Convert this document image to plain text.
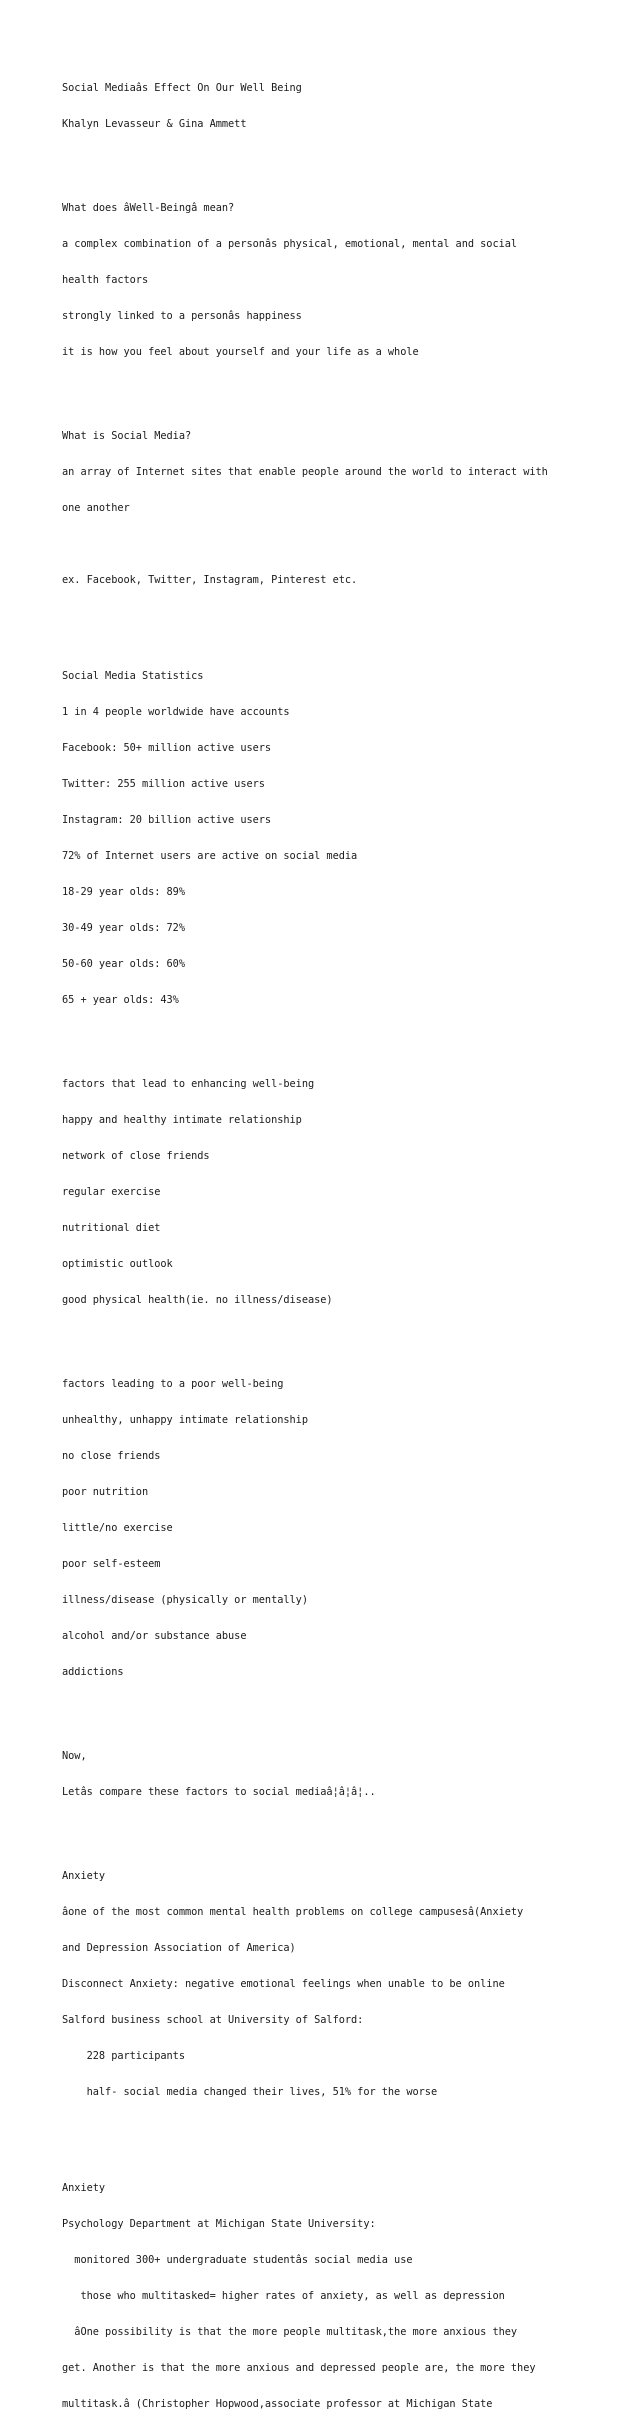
Social Mediaâs Effect On Our Well Being

Khalyn Levasseur & Gina Ammett

What does âWell-Beingâ mean?

a complex combination of a personâs physical, emotional, mental and social

health factors

strongly linked to a personâs happiness

it is how you feel about yourself and your life as a whole

What is Social Media?

an array of Internet sites that enable people around the world to interact with

one another

ex. Facebook, Twitter, Instagram, Pinterest etc.

Social Media Statistics

1 in 4 people worldwide have accounts

Facebook: 50+ million active users

Twitter: 255 million active users

Instagram: 20 billion active users

72% of Internet users are active on social media

18-29 year olds: 89%

30-49 year olds: 72%

50-60 year olds: 60%

65 + year olds: 43%

factors that lead to enhancing well-being

happy and healthy intimate relationship

network of close friends

regular exercise

nutritional diet

optimistic outlook

good physical health(ie. no illness/disease)

factors leading to a poor well-being

unhealthy, unhappy intimate relationship

no close friends

poor nutrition

little/no exercise

poor self-esteem

illness/disease (physically or mentally)

alcohol and/or substance abuse

addictions

Now,

Letâs compare these factors to social mediaâ¦â¦â¦..

Anxiety

âone of the most common mental health problems on college campusesâ(Anxiety

and Depression Association of America)

Disconnect Anxiety: negative emotional feelings when unable to be online

Salford business school at University of Salford:

228 participants

half- social media changed their lives, 51% for the worse

Anxiety

Psychology Department at Michigan State University:

monitored 300+ undergraduate studentâs social media use

those who multitasked= higher rates of anxiety, as well as depression

âOne possibility is that the more people multitask,the more anxious they

get. Another is that the more anxious and depressed people are, the more they

multitask.â (Christopher Hopwood,associate professor at Michigan State
